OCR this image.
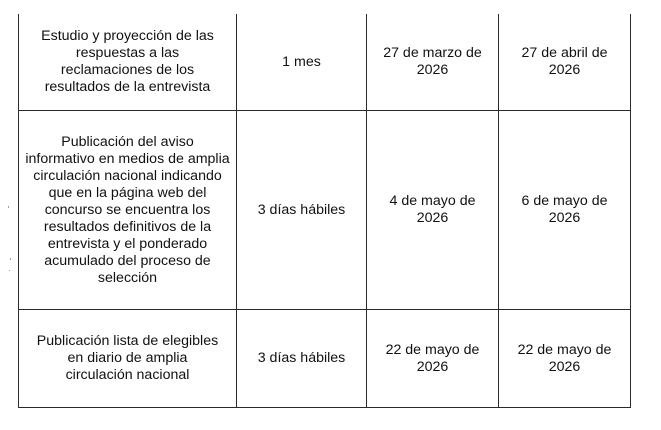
Estudio y proyección de las respuestas a las reclamaciones de los resultados de la entrevista	1 mes	27 de marzo de 2026	27 de abril de 2026

Publicación del aviso informativo en medios de amplia circulación nacional indicando que en la página web del concurso se encuentra los resultados definitivos de la entrevista y el ponderado acumulado del proceso de selección	3 días hábiles	4 de mayo de 2026	6 de mayo de 2026

Publicación lista de elegibles en diario de amplia circulación nacional	3 días hábiles	22 de mayo de 2026	22 de mayo de 2026
